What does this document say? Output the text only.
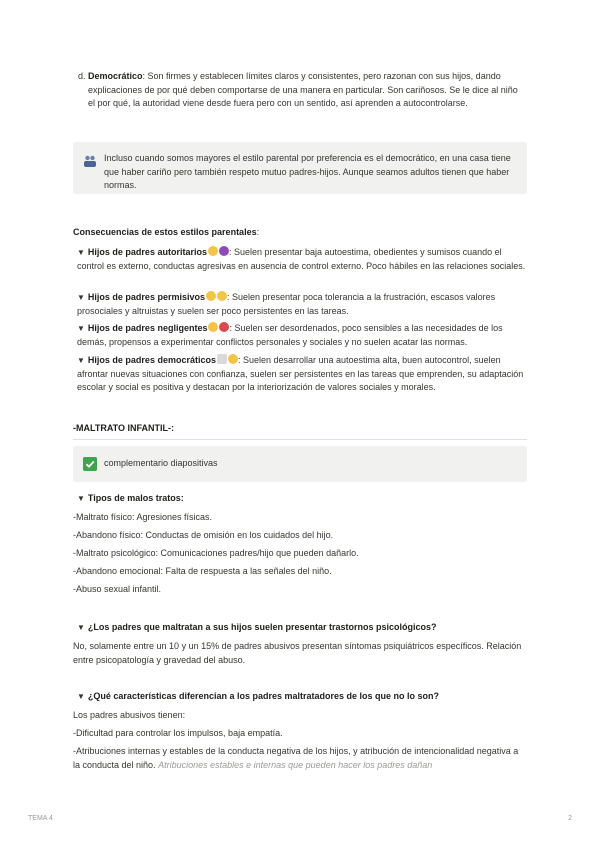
d. Democrático: Son firmes y establecen límites claros y consistentes, pero razonan con sus hijos, dando explicaciones de por qué deben comportarse de una manera en particular. Son cariñosos. Se le dice al niño el por qué, la autoridad viene desde fuera pero con un sentido, así aprenden a autocontrolarse.
Incluso cuando somos mayores el estilo parental por preferencia es el democrático, en una casa tiene que haber cariño pero también respeto mutuo padres-hijos. Aunque seamos adultos tienen que haber normas.
Consecuencias de estos estilos parentales:
▼ Hijos de padres autoritarios : Suelen presentar baja autoestima, obedientes y sumisos cuando el control es externo, conductas agresivas en ausencia de control externo. Poco hábiles en las relaciones sociales.
▼ Hijos de padres permisivos : Suelen presentar poca tolerancia a la frustración, escasos valores prosociales y altruistas y suelen ser poco persistentes en las tareas.
▼ Hijos de padres negligentes : Suelen ser desordenados, poco sensibles a las necesidades de los demás, propensos a experimentar conflictos personales y sociales y no suelen acatar las normas.
▼ Hijos de padres democráticos : Suelen desarrollar una autoestima alta, buen autocontrol, suelen afrontar nuevas situaciones con confianza, suelen ser persistentes en las tareas que emprenden, su adaptación escolar y social es positiva y destacan por la interiorización de valores sociales y morales.
-MALTRATO INFANTIL-:
complementario diapositivas
▼ Tipos de malos tratos:
-Maltrato físico: Agresiones físicas.
-Abandono físico: Conductas de omisión en los cuidados del hijo.
-Maltrato psicológico: Comunicaciones padres/hijo que pueden dañarlo.
-Abandono emocional: Falta de respuesta a las señales del niño.
-Abuso sexual infantil.
▼ ¿Los padres que maltratan a sus hijos suelen presentar trastornos psicológicos?
No, solamente entre un 10 y un 15% de padres abusivos presentan síntomas psiquiátricos específicos. Relación entre psicopatología y gravedad del abuso.
▼ ¿Qué características diferencian a los padres maltratadores de los que no lo son?
Los padres abusivos tienen:
-Dificultad para controlar los impulsos, baja empatía.
-Atribuciones internas y estables de la conducta negativa de los hijos, y atribución de intencionalidad negativa a la conducta del niño. Atribuciones estables e internas que pueden hacer los padres dañan
TEMA 4	2
